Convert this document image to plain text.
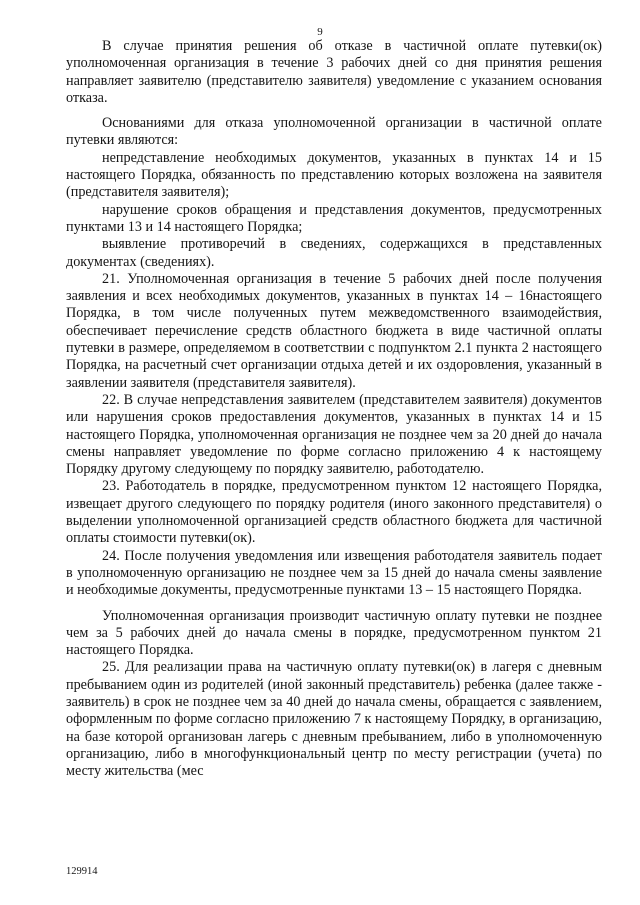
9

В случае принятия решения об отказе в частичной оплате путевки(ок) уполномоченная организация в течение 3 рабочих дней со дня принятия решения направляет заявителю (представителю заявителя) уведомление с указанием основания отказа.

Основаниями для отказа уполномоченной организации в частичной оплате путевки являются:

непредставление необходимых документов, указанных в пунктах 14 и 15 настоящего Порядка, обязанность по представлению которых возложена на заявителя (представителя заявителя);

нарушение сроков обращения и представления документов, предусмотренных пунктами 13 и 14 настоящего Порядка;

выявление противоречий в сведениях, содержащихся в представленных документах (сведениях).

21. Уполномоченная организация в течение 5 рабочих дней после получения заявления и всех необходимых документов, указанных в пунктах 14 – 16настоящего Порядка, в том числе полученных путем межведомственного взаимодействия, обеспечивает перечисление средств областного бюджета в виде частичной оплаты путевки в размере, определяемом в соответствии с подпунктом 2.1 пункта 2 настоящего Порядка, на расчетный счет организации отдыха детей и их оздоровления, указанный в заявлении заявителя (представителя заявителя).

22. В случае непредставления заявителем (представителем заявителя) документов или нарушения сроков предоставления документов, указанных в пунктах 14 и 15 настоящего Порядка, уполномоченная организация не позднее чем за 20 дней до начала смены направляет уведомление по форме согласно приложению 4 к настоящему Порядку другому следующему по порядку заявителю, работодателю.

23. Работодатель в порядке, предусмотренном пунктом 12 настоящего Порядка, извещает другого следующего по порядку родителя (иного законного представителя) о выделении уполномоченной организацией средств областного бюджета для частичной оплаты стоимости путевки(ок).

24. После получения уведомления или извещения работодателя заявитель подает в уполномоченную организацию не позднее чем за 15 дней до начала смены заявление и необходимые документы, предусмотренные пунктами 13 – 15 настоящего Порядка.

Уполномоченная организация производит частичную оплату путевки не позднее чем за 5 рабочих дней до начала смены в порядке, предусмотренном пунктом 21 настоящего Порядка.

25. Для реализации права на частичную оплату путевки(ок) в лагеря с дневным пребыванием один из родителей (иной законный представитель) ребенка (далее также - заявитель) в срок не позднее чем за 40 дней до начала смены, обращается с заявлением, оформленным по форме согласно приложению 7 к настоящему Порядку, в организацию, на базе которой организован лагерь с дневным пребыванием, либо в уполномоченную организацию, либо в многофункциональный центр по месту регистрации (учета) по месту жительства (мес

129914
